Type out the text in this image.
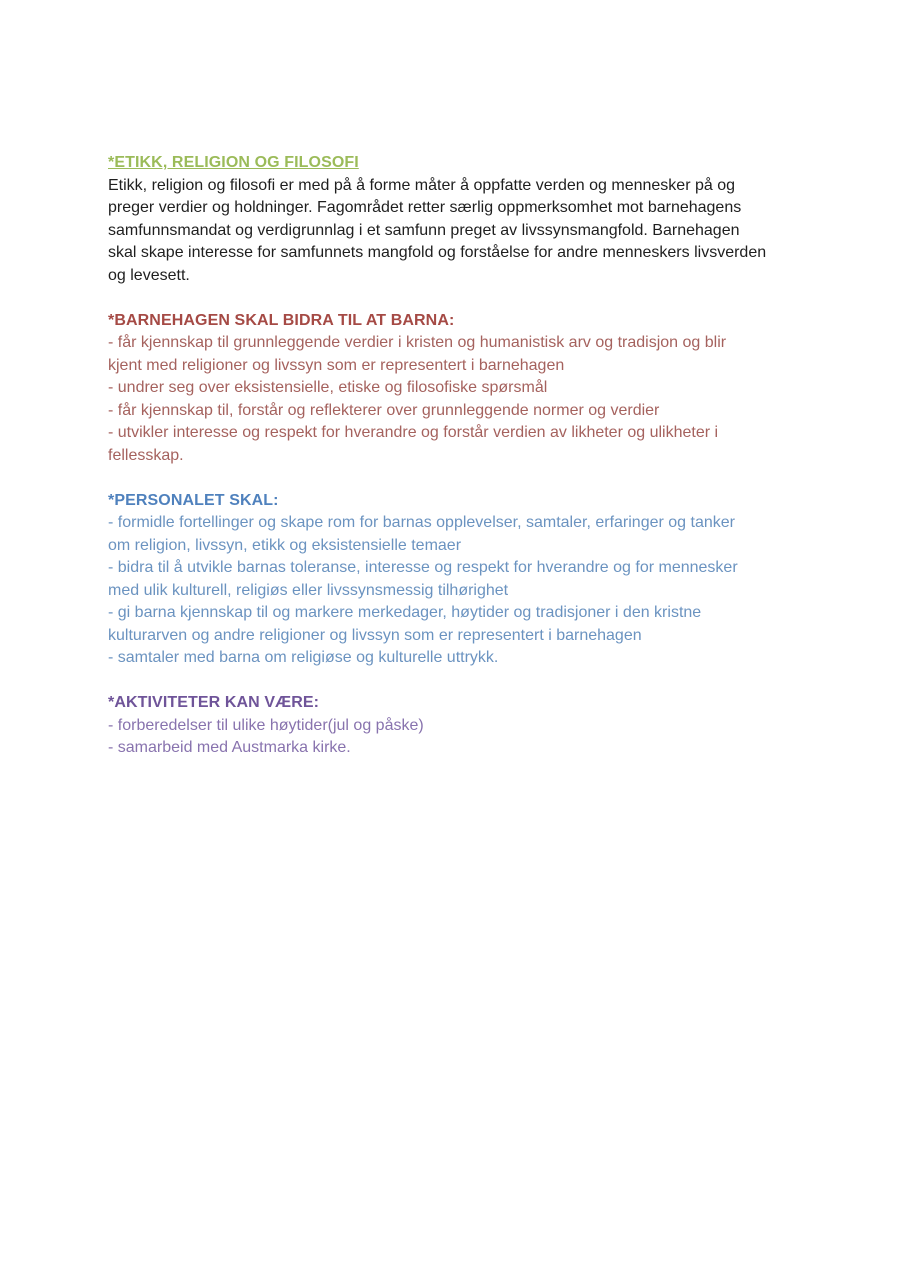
*ETIKK, RELIGION OG FILOSOFI
Etikk, religion og filosofi er med på å forme måter å oppfatte verden og mennesker på og
preger verdier og holdninger. Fagområdet retter særlig oppmerksomhet mot barnehagens
samfunnsmandat og verdigrunnlag i et samfunn preget av livssynsmangfold. Barnehagen
skal skape interesse for samfunnets mangfold og forståelse for andre menneskers livsverden
og levesett.
*BARNEHAGEN SKAL BIDRA TIL AT BARNA:
- får kjennskap til grunnleggende verdier i kristen og humanistisk arv og tradisjon og blir
kjent med religioner og livssyn som er representert i barnehagen
- undrer seg over eksistensielle, etiske og filosofiske spørsmål
- får kjennskap til, forstår og reflekterer over grunnleggende normer og verdier
- utvikler interesse og respekt for hverandre og forstår verdien av likheter og ulikheter i
fellesskap.
*PERSONALET SKAL:
- formidle fortellinger og skape rom for barnas opplevelser, samtaler, erfaringer og tanker
om religion, livssyn, etikk og eksistensielle temaer
- bidra til å utvikle barnas toleranse, interesse og respekt for hverandre og for mennesker
med ulik kulturell, religiøs eller livssynsmessig tilhørighet
- gi barna kjennskap til og markere merkedager, høytider og tradisjoner i den kristne
kulturarven og andre religioner og livssyn som er representert i barnehagen
- samtaler med barna om religiøse og kulturelle uttrykk.
*AKTIVITETER KAN VÆRE:
- forberedelser til ulike høytider(jul og påske)
- samarbeid med Austmarka kirke.
